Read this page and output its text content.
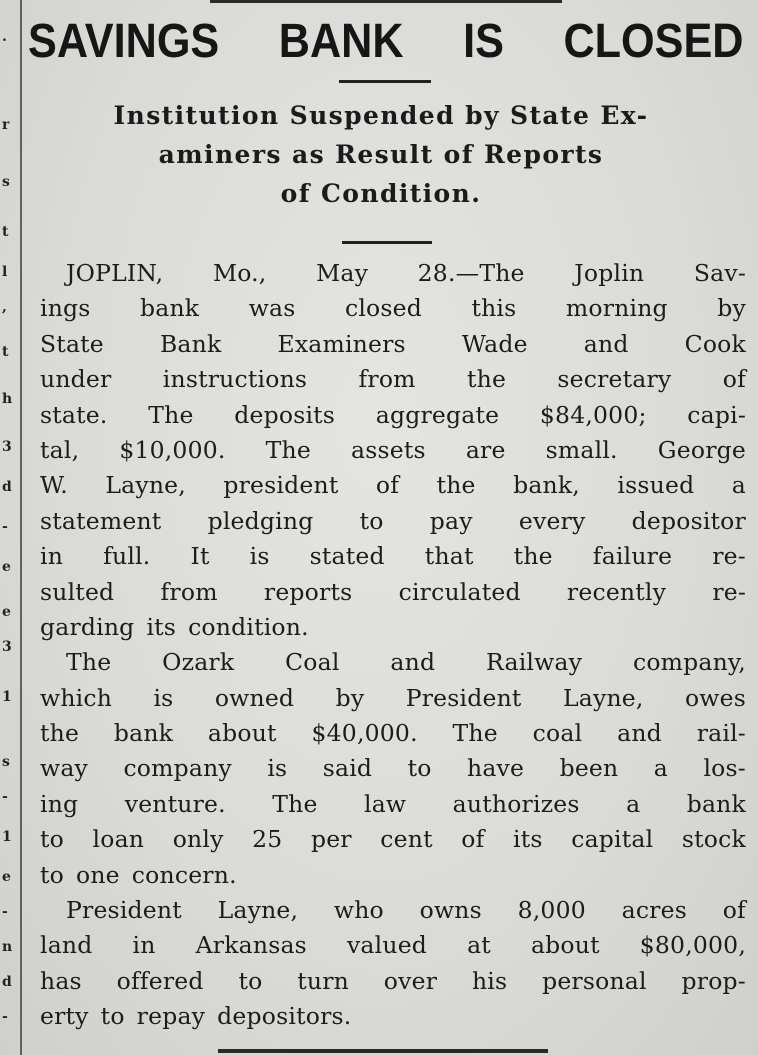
.
r
s
t
l
,
t
h
3
d
-
e
e
3
1
s
-
1
e
-
n
d
-
SAVINGS BANK IS CLOSED
Institution Suspended by State Ex-
aminers as Result of Reports
of Condition.
JOPLIN, Mo., May 28.—The Joplin Sav-
ings bank was closed this morning by
State Bank Examiners Wade and Cook
under instructions from the secretary of
state. The deposits aggregate $84,000; capi-
tal, $10,000. The assets are small. George
W. Layne, president of the bank, issued a
statement pledging to pay every depositor
in full. It is stated that the failure re-
sulted from reports circulated recently re-
garding its condition.
The Ozark Coal and Railway company,
which is owned by President Layne, owes
the bank about $40,000. The coal and rail-
way company is said to have been a los-
ing venture. The law authorizes a bank
to loan only 25 per cent of its capital stock
to one concern.
President Layne, who owns 8,000 acres of
land in Arkansas valued at about $80,000,
has offered to turn over his personal prop-
erty to repay depositors.
